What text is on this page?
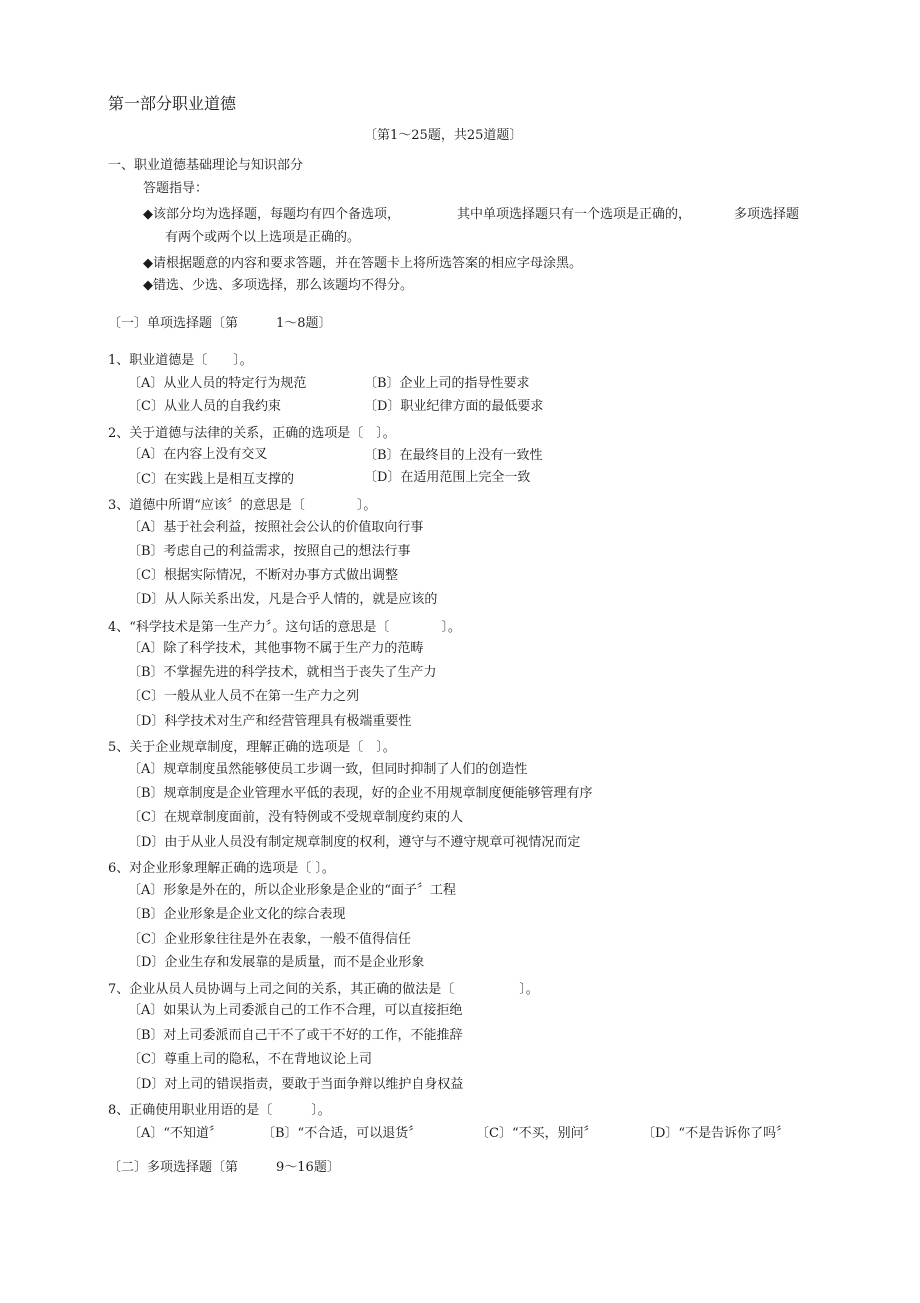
第一部分职业道德
〔第1～25题，共25道题〕
一、职业道德基础理论与知识部分
答题指导：
◆该部分均为选择题，每题均有四个备选项，	其中单项选择题只有一个选项是正确的，	多项选择题
有两个或两个以上选项是正确的。
◆请根据题意的内容和要求答题，并在答题卡上将所选答案的相应字母涂黑。
◆错选、少选、多项选择，那么该题均不得分。
〔一〕单项选择题〔第	1～8题〕
1、职业道德是〔　　〕。
〔A〕从业人员的特定行为规范	〔B〕企业上司的指导性要求
〔C〕从业人员的自我约束	〔D〕职业纪律方面的最低要求
2、关于道德与法律的关系，正确的选项是〔　〕。
〔A〕在内容上没有交叉	〔B〕在最终目的上没有一致性
〔C〕在实践上是相互支撑的	〔D〕在适用范围上完全一致
3、道德中所谓“应该〞的意思是〔　　　　〕。
〔A〕基于社会利益，按照社会公认的价值取向行事
〔B〕考虑自己的利益需求，按照自己的想法行事
〔C〕根据实际情况，不断对办事方式做出调整
〔D〕从人际关系出发，凡是合乎人情的，就是应该的
4、“科学技术是第一生产力〞。这句话的意思是〔　　　　〕。
〔A〕除了科学技术，其他事物不属于生产力的范畴
〔B〕不掌握先进的科学技术，就相当于丧失了生产力
〔C〕一般从业人员不在第一生产力之列
〔D〕科学技术对生产和经营管理具有极端重要性
5、关于企业规章制度，理解正确的选项是〔　〕。
〔A〕规章制度虽然能够使员工步调一致，但同时抑制了人们的创造性
〔B〕规章制度是企业管理水平低的表现，好的企业不用规章制度便能够管理有序
〔C〕在规章制度面前，没有特例或不受规章制度约束的人
〔D〕由于从业人员没有制定规章制度的权利，遵守与不遵守规章可视情况而定
6、对企业形象理解正确的选项是〔 〕。
〔A〕形象是外在的，所以企业形象是企业的“面子〞工程
〔B〕企业形象是企业文化的综合表现
〔C〕企业形象往往是外在表象，一般不值得信任
〔D〕企业生存和发展靠的是质量，而不是企业形象
7、企业从员人员协调与上司之间的关系，其正确的做法是〔　　　　　〕。
〔A〕如果认为上司委派自己的工作不合理，可以直接拒绝
〔B〕对上司委派而自己干不了或干不好的工作，不能推辞
〔C〕尊重上司的隐私，不在背地议论上司
〔D〕对上司的错误指责，要敢于当面争辩以维护自身权益
8、正确使用职业用语的是〔　　　〕。
〔A〕“不知道〞	〔B〕“不合适，可以退货〞	〔C〕“不买，别问〞	〔D〕“不是告诉你了吗〞
〔二〕多项选择题〔第	9～16题〕
